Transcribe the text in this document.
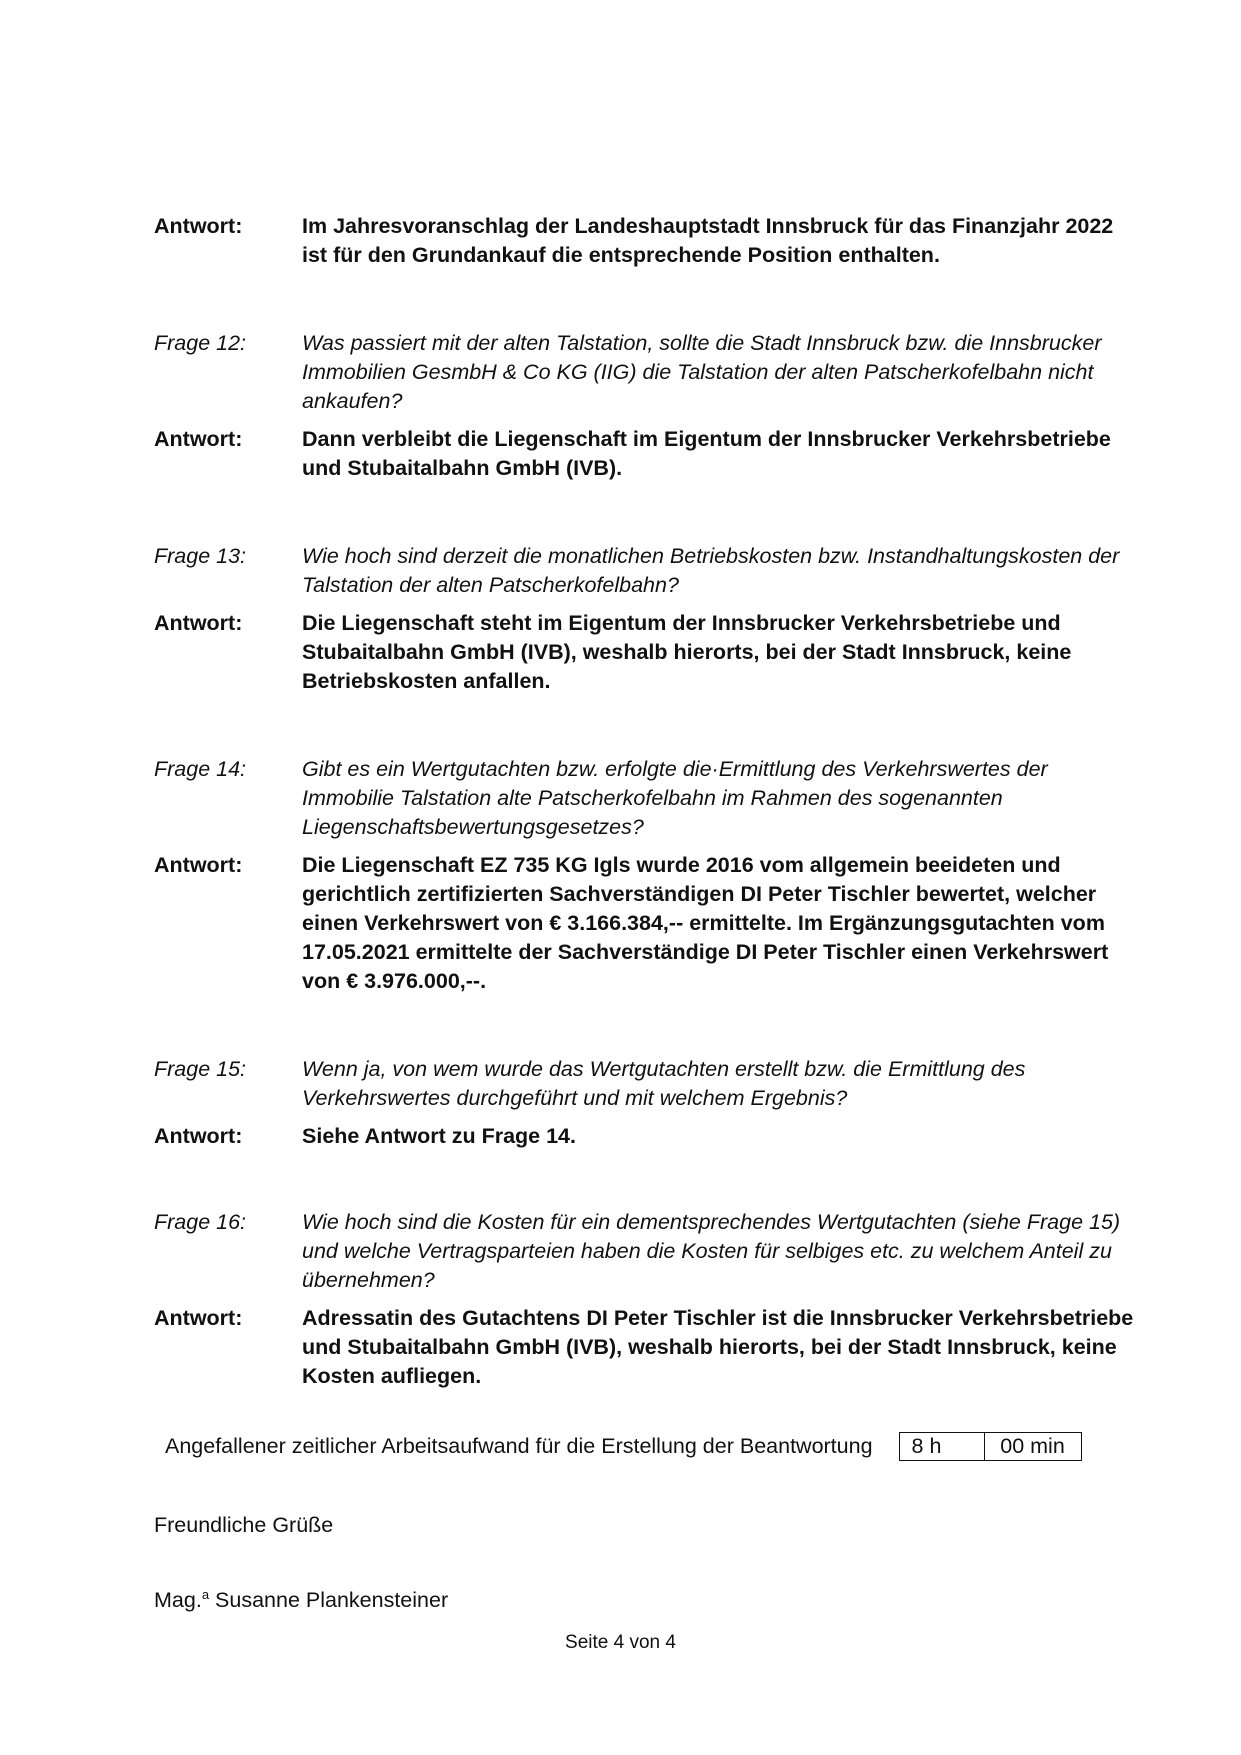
Antwort:	Im Jahresvoranschlag der Landeshauptstadt Innsbruck für das Finanzjahr 2022 ist für den Grundankauf die entsprechende Position enthalten.
Frage 12:	Was passiert mit der alten Talstation, sollte die Stadt Innsbruck bzw. die Innsbrucker Immobilien GesmbH & Co KG (IIG) die Talstation der alten Patscherkofelbahn nicht ankaufen?
Antwort:	Dann verbleibt die Liegenschaft im Eigentum der Innsbrucker Verkehrsbetriebe und Stubaitalbahn GmbH (IVB).
Frage 13:	Wie hoch sind derzeit die monatlichen Betriebskosten bzw. Instandhaltungskosten der Talstation der alten Patscherkofelbahn?
Antwort:	Die Liegenschaft steht im Eigentum der Innsbrucker Verkehrsbetriebe und Stubaitalbahn GmbH (IVB), weshalb hierorts, bei der Stadt Innsbruck, keine Betriebskosten anfallen.
Frage 14:	Gibt es ein Wertgutachten bzw. erfolgte die·Ermittlung des Verkehrswertes der Immobilie Talstation alte Patscherkofelbahn im Rahmen des sogenannten Liegenschaftsbewertungsgesetzes?
Antwort:	Die Liegenschaft EZ 735 KG Igls wurde 2016 vom allgemein beeideten und gerichtlich zertifizierten Sachverständigen DI Peter Tischler bewertet, welcher einen Verkehrswert von € 3.166.384,-- ermittelte. Im Ergänzungsgutachten vom 17.05.2021 ermittelte der Sachverständige DI Peter Tischler einen Verkehrswert von € 3.976.000,--.
Frage 15:	Wenn ja, von wem wurde das Wertgutachten erstellt bzw. die Ermittlung des Verkehrswertes durchgeführt und mit welchem Ergebnis?
Antwort:	Siehe Antwort zu Frage 14.
Frage 16:	Wie hoch sind die Kosten für ein dementsprechendes Wertgutachten (siehe Frage 15) und welche Vertragsparteien haben die Kosten für selbiges etc. zu welchem Anteil zu übernehmen?
Antwort:	Adressatin des Gutachtens DI Peter Tischler ist die Innsbrucker Verkehrsbetriebe und Stubaitalbahn GmbH (IVB), weshalb hierorts, bei der Stadt Innsbruck, keine Kosten aufliegen.
Angefallener zeitlicher Arbeitsaufwand für die Erstellung der Beantwortung	8 h	00 min
Freundliche Grüße
Mag.$^a$ Susanne Plankensteiner
Seite 4 von 4
